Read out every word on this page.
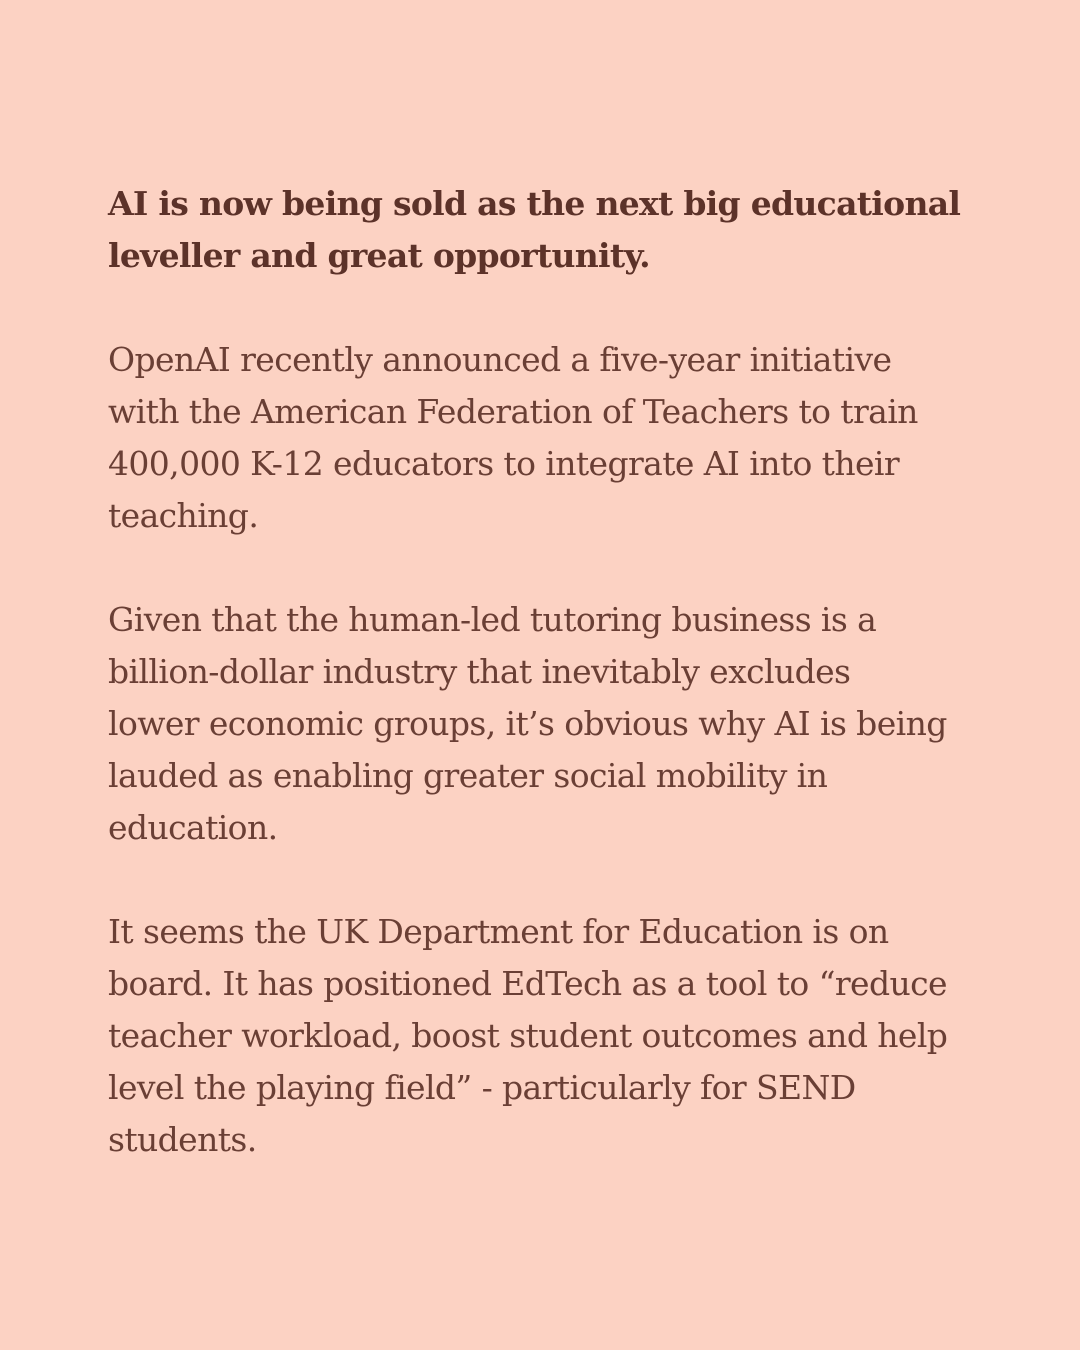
AI is now being sold as the next big educational
leveller and great opportunity.

OpenAI recently announced a five-year initiative
with the American Federation of Teachers to train
400,000 K-12 educators to integrate AI into their
teaching.

Given that the human-led tutoring business is a
billion-dollar industry that inevitably excludes
lower economic groups, it’s obvious why AI is being
lauded as enabling greater social mobility in
education.

It seems the UK Department for Education is on
board. It has positioned EdTech as a tool to “reduce
teacher workload, boost student outcomes and help
level the playing field” - particularly for SEND
students.
